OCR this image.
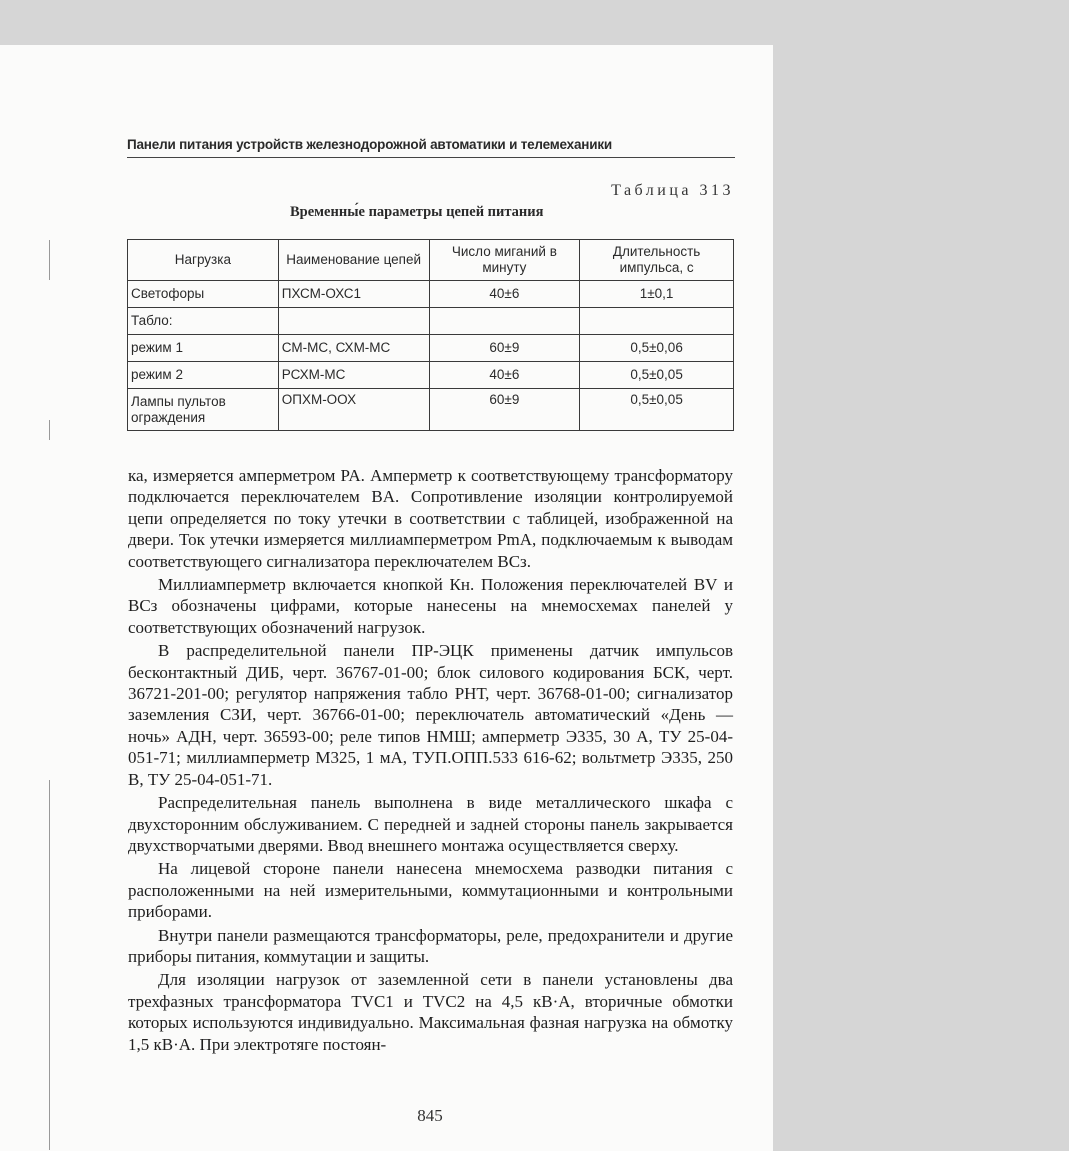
Панели питания устройств железнодорожной автоматики и телемеханики
Таблица 313
Временны́е параметры цепей питания
Нагрузка	Наименование цепей	Число миганий в минуту	Длительность импульса, с
Светофоры	ПХСМ-ОХС1	40±6	1±0,1
Табло:			
режим 1	СМ-МС, СХМ-МС	60±9	0,5±0,06
режим 2	РСХМ-МС	40±6	0,5±0,05
Лампы пультов ограждения	ОПХМ-ООХ	60±9	0,5±0,05

ка, измеряется амперметром PA. Амперметр к соответствующему трансформатору подключается переключателем BA. Сопротивление изоляции контролируемой цепи определяется по току утечки в соответствии с таблицей, изображенной на двери. Ток утечки измеряется миллиамперметром PmA, подключаемым к выводам соответствующего сигнализатора переключателем BСз.

Миллиамперметр включается кнопкой Кн. Положения переключателей BV и BСз обозначены цифрами, которые нанесены на мнемосхемах панелей у соответствующих обозначений нагрузок.

В распределительной панели ПР-ЭЦК применены датчик импульсов бесконтактный ДИБ, черт. 36767-01-00; блок силового кодирования БСК, черт. 36721-201-00; регулятор напряжения табло РНТ, черт. 36768-01-00; сигнализатор заземления СЗИ, черт. 36766-01-00; переключатель автоматический «День — ночь» АДН, черт. 36593-00; реле типов НМШ; амперметр Э335, 30 А, ТУ 25-04-051-71; миллиамперметр М325, 1 мА, ТУП.ОПП.533 616-62; вольтметр Э335, 250 В, ТУ 25-04-051-71.

Распределительная панель выполнена в виде металлического шкафа с двухсторонним обслуживанием. С передней и задней стороны панель закрывается двухстворчатыми дверями. Ввод внешнего монтажа осуществляется сверху.

На лицевой стороне панели нанесена мнемосхема разводки питания с расположенными на ней измерительными, коммутационными и контрольными приборами.

Внутри панели размещаются трансформаторы, реле, предохранители и другие приборы питания, коммутации и защиты.

Для изоляции нагрузок от заземленной сети в панели установлены два трехфазных трансформатора TVC1 и TVC2 на 4,5 кВ·А, вторичные обмотки которых используются индивидуально. Максимальная фазная нагрузка на обмотку 1,5 кВ·А. При электротяге постоян-

845
